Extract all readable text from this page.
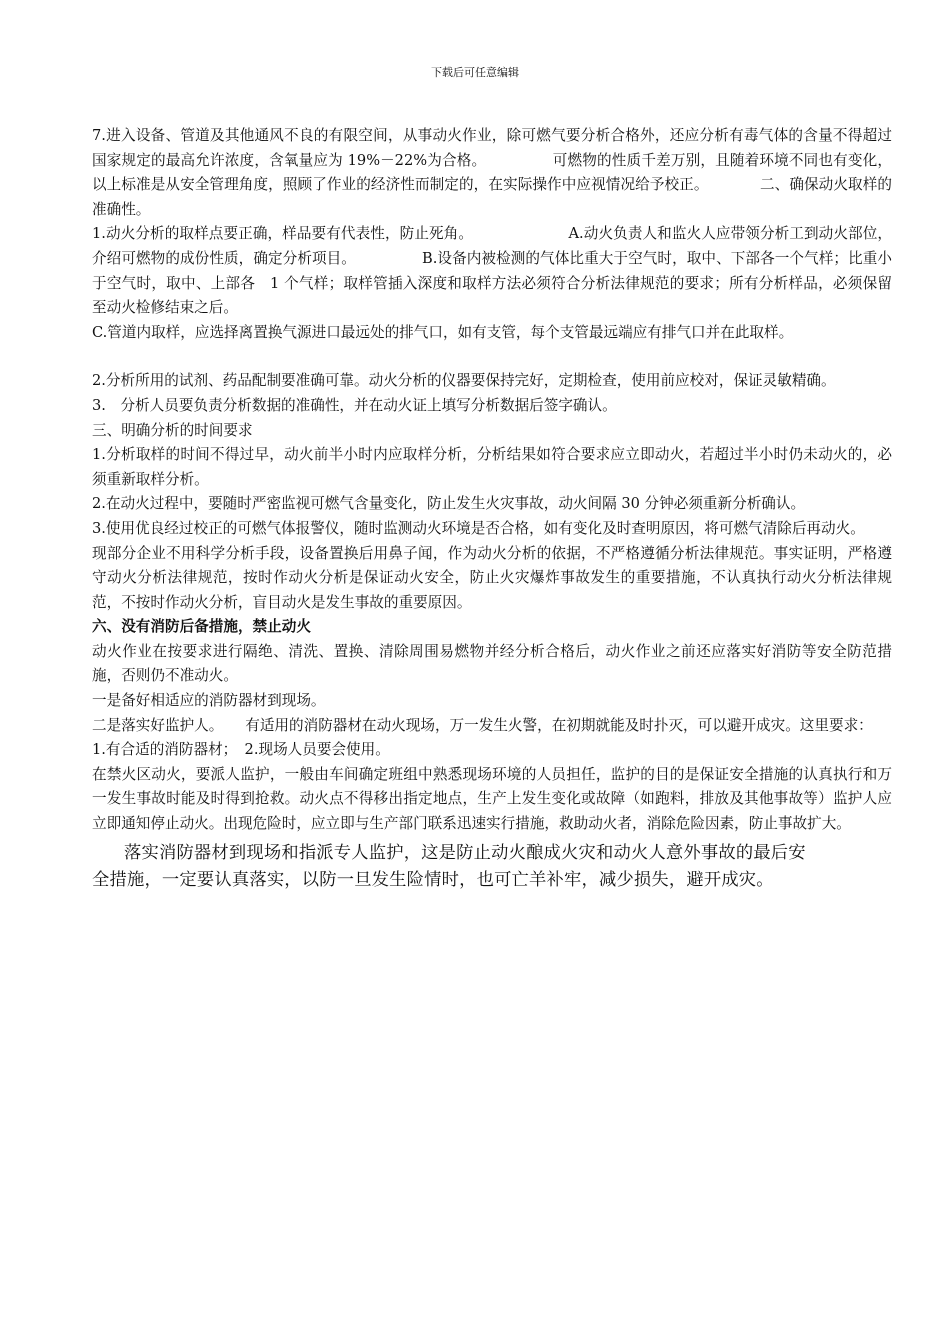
下载后可任意编辑

7.进入设备、管道及其他通风不良的有限空间，从事动火作业，除可燃气要分析合格外，还应分析有毒气体的含量不得超过国家规定的最高允许浓度，含氧量应为 19%－22%为合格。　　　　　可燃物的性质千差万别，且随着环境不同也有变化，以上标准是从安全管理角度，照顾了作业的经济性而制定的，在实际操作中应视情况给予校正。　　　　二、确保动火取样的准确性。

1.动火分析的取样点要正确，样品要有代表性，防止死角。　　　　　　　A.动火负责人和监火人应带领分析工到动火部位，介绍可燃物的成份性质，确定分析项目。　　　　　B.设备内被检测的气体比重大于空气时，取中、下部各一个气样；比重小于空气时，取中、上部各　1 个气样；取样管插入深度和取样方法必须符合分析法律规范的要求；所有分析样品，必须保留至动火检修结束之后。

C.管道内取样，应选择离置换气源进口最远处的排气口，如有支管，每个支管最远端应有排气口并在此取样。

2.分析所用的试剂、药品配制要准确可靠。动火分析的仪器要保持完好，定期检查，使用前应校对，保证灵敏精确。

3.　分析人员要负责分析数据的准确性，并在动火证上填写分析数据后签字确认。

三、明确分析的时间要求

1.分析取样的时间不得过早，动火前半小时内应取样分析，分析结果如符合要求应立即动火，若超过半小时仍未动火的，必须重新取样分析。

2.在动火过程中，要随时严密监视可燃气含量变化，防止发生火灾事故，动火间隔 30 分钟必须重新分析确认。

3.使用优良经过校正的可燃气体报警仪，随时监测动火环境是否合格，如有变化及时查明原因，将可燃气清除后再动火。

现部分企业不用科学分析手段，设备置换后用鼻子闻，作为动火分析的依据，不严格遵循分析法律规范。事实证明，严格遵守动火分析法律规范，按时作动火分析是保证动火安全，防止火灾爆炸事故发生的重要措施，不认真执行动火分析法律规范，不按时作动火分析，盲目动火是发生事故的重要原因。

六、没有消防后备措施，禁止动火

动火作业在按要求进行隔绝、清洗、置换、清除周围易燃物并经分析合格后，动火作业之前还应落实好消防等安全防范措施，否则仍不准动火。

一是备好相适应的消防器材到现场。

二是落实好监护人。　　有适用的消防器材在动火现场，万一发生火警，在初期就能及时扑灭，可以避开成灾。这里要求：

1.有合适的消防器材；　2.现场人员要会使用。

在禁火区动火，要派人监护，一般由车间确定班组中熟悉现场环境的人员担任，监护的目的是保证安全措施的认真执行和万一发生事故时能及时得到抢救。动火点不得移出指定地点，生产上发生变化或故障（如跑料，排放及其他事故等）监护人应立即通知停止动火。出现危险时，应立即与生产部门联系迅速实行措施，救助动火者，消除危险因素，防止事故扩大。

落实消防器材到现场和指派专人监护，这是防止动火酿成火灾和动火人意外事故的最后安
全措施，一定要认真落实，以防一旦发生险情时，也可亡羊补牢，减少损失，避开成灾。
